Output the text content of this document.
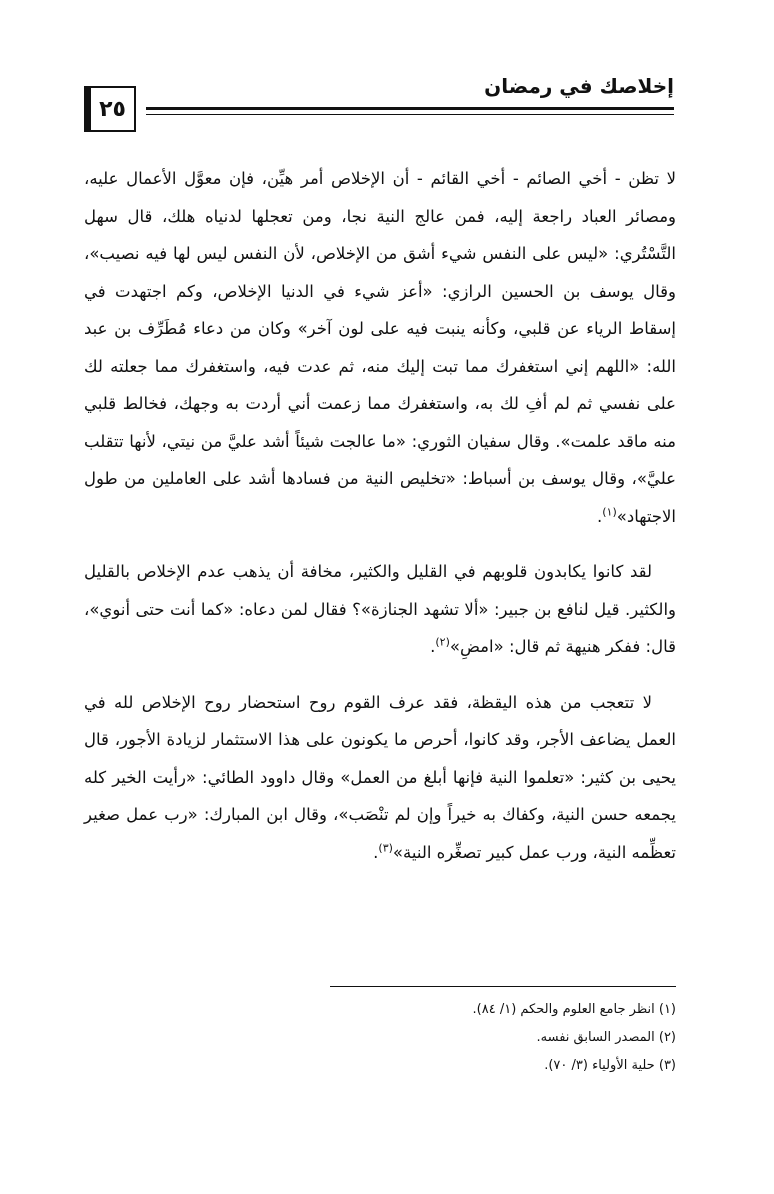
إخلاصك في رمضان
٢٥

لا تظن - أخي الصائم - أخي القائم - أن الإخلاص أمر هيِّن، فإن معوَّل الأعمال عليه، ومصائر العباد راجعة إليه، فمن عالج النية نجا، ومن تعجلها لدنياه هلك، قال سهل التَّسْتُري: «ليس على النفس شيء أشق من الإخلاص، لأن النفس ليس لها فيه نصيب»، وقال يوسف بن الحسين الرازي: «أعز شيء في الدنيا الإخلاص، وكم اجتهدت في إسقاط الرياء عن قلبي، وكأنه ينبت فيه على لون آخر» وكان من دعاء مُطَرِّف بن عبد الله: «اللهم إني استغفرك مما تبت إليك منه، ثم عدت فيه، واستغفرك مما جعلته لك على نفسي ثم لم أفِ لك به، واستغفرك مما زعمت أني أردت به وجهك، فخالط قلبي منه ماقد علمت». وقال سفيان الثوري: «ما عالجت شيئاً أشد عليَّ من نيتي، لأنها تتقلب عليَّ»، وقال يوسف بن أسباط: «تخليص النية من فسادها أشد على العاملين من طول الاجتهاد»$^{(١)}$.

لقد كانوا يكابدون قلوبهم في القليل والكثير، مخافة أن يذهب عدم الإخلاص بالقليل والكثير. قيل لنافع بن جبير: «ألا تشهد الجنازة»؟ فقال لمن دعاه: «كما أنت حتى أنوي»، قال: ففكر هنيهة ثم قال: «امضِ»$^{(٢)}$.

لا تتعجب من هذه اليقظة، فقد عرف القوم روح استحضار روح الإخلاص لله في العمل يضاعف الأجر، وقد كانوا، أحرص ما يكونون على هذا الاستثمار لزيادة الأجور، قال يحيى بن كثير: «تعلموا النية فإنها أبلغ من العمل» وقال داوود الطائي: «رأيت الخير كله يجمعه حسن النية، وكفاك به خيراً وإن لم تنْصَب»، وقال ابن المبارك: «رب عمل صغير تعظِّمه النية، ورب عمل كبير تصغِّره النية»$^{(٣)}$.

(١) انظر جامع العلوم والحكم (١/ ٨٤).
(٢) المصدر السابق نفسه.
(٣) حلية الأولياء (٣/ ٧٠).
